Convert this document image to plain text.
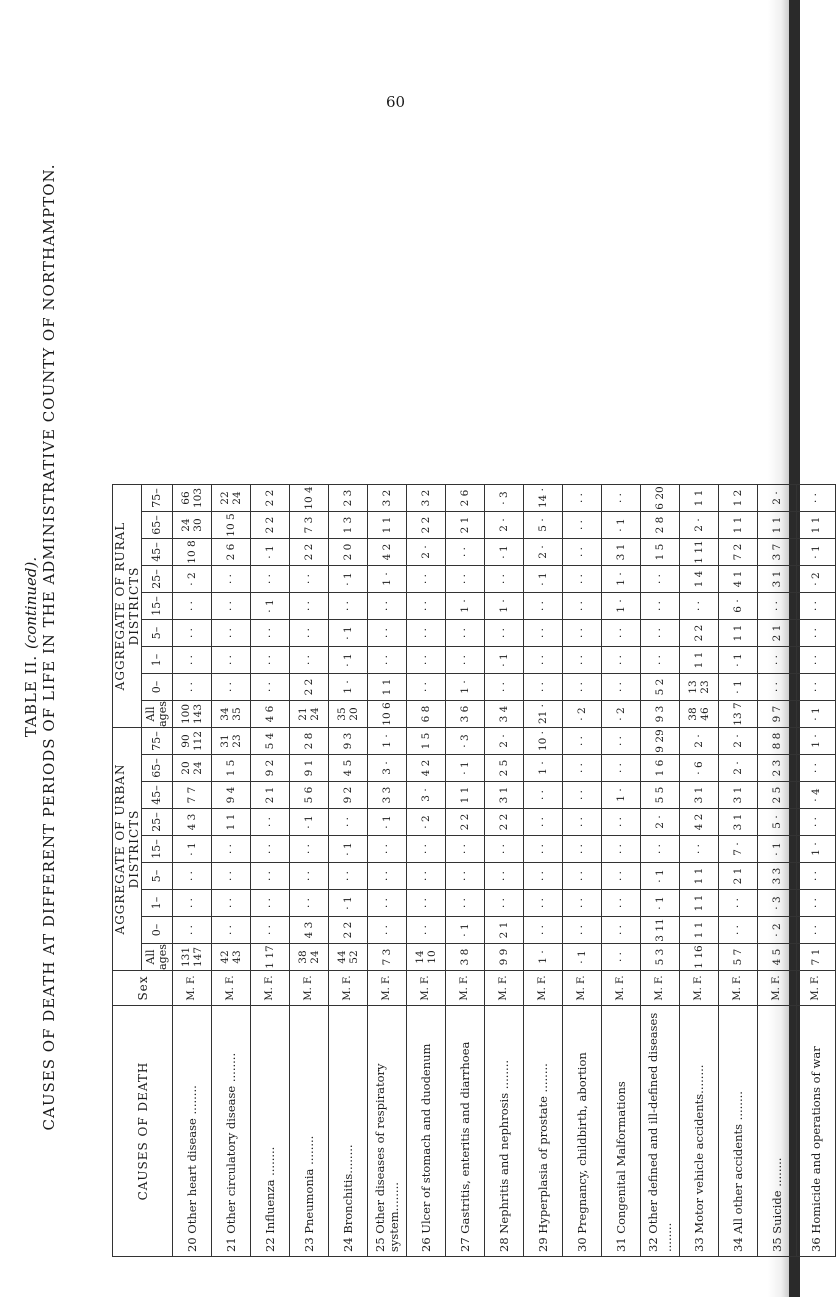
60
TABLE II. (continued).
CAUSES OF DEATH AT DIFFERENT PERIODS OF LIFE IN THE ADMINISTRATIVE COUNTY OF NORTHAMPTON.
CAUSES OF DEATH	Sex	AGGREGATE OF URBAN DISTRICTS									AGGREGATE OF RURAL DISTRICTS								
		All ages	0–	1–	5–	15–	25–	45–	65–	75–	All ages	0–	1–	5–	15–	25–	45–	65–	75–
20 Other heart disease ........	M. F.	131 147	· ·	· ·	· ·	· 1	4 3	7 7	20 24	90 112	100 143	· ·	· ·	· ·	· ·	· 2	10 8	24 30	66 103
21 Other circulatory disease ........	M. F.	42 43	· ·	· ·	· ·	· ·	1 1	9 4	1 5	31 23	34 35	· ·	· ·	· ·	· ·	· ·	2 6	10 5	22 24
22 Influenza ........	M. F.	1 17	· ·	· ·	· ·	· ·	· ·	2 1	9 2	5 4	4 6	· ·	· ·	· ·	· 1	· ·	· 1	2 2	2 2
23 Pneumonia ........	M. F.	38 24	4 3	· ·	· ·	· ·	· 1	5 6	9 1	2 8	21 24	2 2	· ·	· ·	· ·	· ·	2 2	7 3	10 4
24 Bronchitis........	M. F.	44 52	2 2	· 1	· ·	· 1	· ·	9 2	4 5	9 3	35 20	1 ·	· 1	· 1	· ·	· 1	2 0	1 3	2 3
25 Other diseases of respiratory system........	M. F.	7 3	· ·	· ·	· ·	· ·	· 1	3 3	3 ·	1 ·	10 6	1 1	· ·	· ·	· ·	1 ·	4 2	1 1	3 2
26 Ulcer of stomach and duodenum	M. F.	14 10	· ·	· ·	· ·	· ·	· 2	3 ·	4 2	1 5	6 8	· ·	· ·	· ·	· ·	· ·	2 ·	2 2	3 2
27 Gastritis, enteritis and diarrhoea	M. F.	3 8	· 1	· ·	· ·	· ·	2 2	1 1	· 1	· 3	3 6	1 ·	· ·	· ·	1 ·	· ·	· ·	2 1	2 6
28 Nephritis and nephrosis ........	M. F.	9 9	2 1	· ·	· ·	· ·	2 2	3 1	2 5	2 ·	3 4	· ·	· 1	· ·	1 ·	· ·	· 1	2 ·	· 3
29 Hyperplasia of prostate ........	M. F.	1 ·	· ·	· ·	· ·	· ·	· ·	· ·	1 ·	10 ·	21 ·	· ·	· ·	· ·	· ·	· 1	2 ·	5 ·	14 ·
30 Pregnancy, childbirth, abortion	M. F.	· 1	· ·	· ·	· ·	· ·	· ·	· ·	· ·	· ·	· 2	· ·	· ·	· ·	· ·	· ·	· ·	· ·	· ·
31 Congenital Malformations	M. F.	· ·	· ·	· ·	· ·	· ·	· ·	1 ·	· ·	· ·	· 2	· ·	· ·	· ·	1 ·	1 ·	3 1	· 1	· ·
32 Other defined and ill-defined diseases ........	M. F.	5 3	3 11	· 1	· 1	· ·	2 ·	5 5	1 6	9 29	9 3	5 2	· ·	· ·	· ·	· ·	1 5	2 8	6 20
33 Motor vehicle accidents........	M. F.	1 16	1 1	1 1	1 1	· ·	4 2	3 1	· 6	2 ·	38 46	13 23	1 1	2 2	· ·	1 4	1 11	2 ·	1 1
34 All other accidents ........	M. F.	5 7	· ·	· ·	2 1	7 ·	3 1	3 1	2 ·	2 ·	13 7	· 1	· 1	1 1	6 ·	4 1	7 2	1 1	1 2
35 Suicide ........	M. F.	4 5	· 2	· 3	3 3	· 1	5 ·	2 5	2 3	8 8	9 7	· ·	· ·	2 1	· ·	3 1	3 7	1 1	2 ·
36 Homicide and operations of war	M. F.	7 1	· ·	· ·	· ·	1 ·	· ·	· 4	· ·	1 ·	· 1	· ·	· ·	· ·	· ·	· 2	· 1	1 1	· ·
